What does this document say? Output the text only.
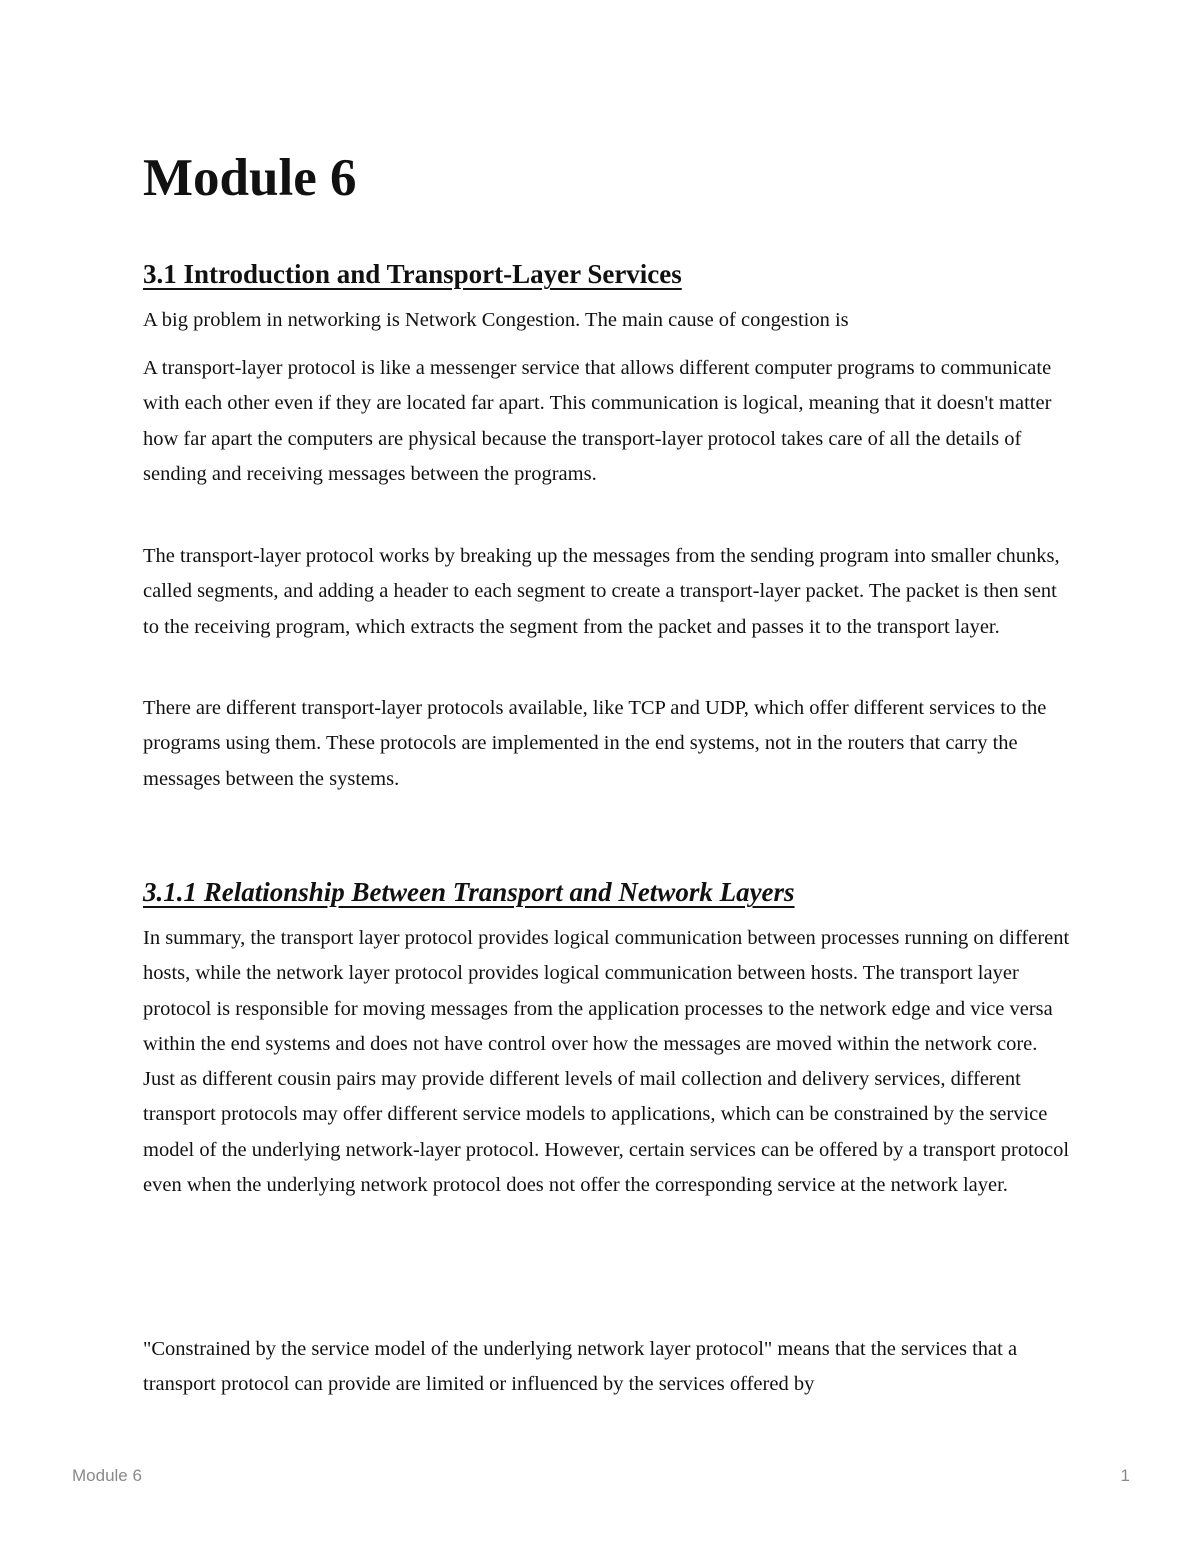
Module 6
3.1 Introduction and Transport-Layer Services

A big problem in networking is Network Congestion. The main cause of congestion is

A transport-layer protocol is like a messenger service that allows different computer programs to communicate with each other even if they are located far apart. This communication is logical, meaning that it doesn't matter how far apart the computers are physical because the transport-layer protocol takes care of all the details of sending and receiving messages between the programs.

The transport-layer protocol works by breaking up the messages from the sending program into smaller chunks, called segments, and adding a header to each segment to create a transport-layer packet. The packet is then sent to the receiving program, which extracts the segment from the packet and passes it to the transport layer.

There are different transport-layer protocols available, like TCP and UDP, which offer different services to the programs using them. These protocols are implemented in the end systems, not in the routers that carry the messages between the systems.

3.1.1 Relationship Between Transport and Network Layers

In summary, the transport layer protocol provides logical communication between processes running on different hosts, while the network layer protocol provides logical communication between hosts. The transport layer protocol is responsible for moving messages from the application processes to the network edge and vice versa within the end systems and does not have control over how the messages are moved within the network core. Just as different cousin pairs may provide different levels of mail collection and delivery services, different transport protocols may offer different service models to applications, which can be constrained by the service model of the underlying network-layer protocol. However, certain services can be offered by a transport protocol even when the underlying network protocol does not offer the corresponding service at the network layer.

"Constrained by the service model of the underlying network layer protocol" means that the services that a transport protocol can provide are limited or influenced by the services offered by

Module 6	1
